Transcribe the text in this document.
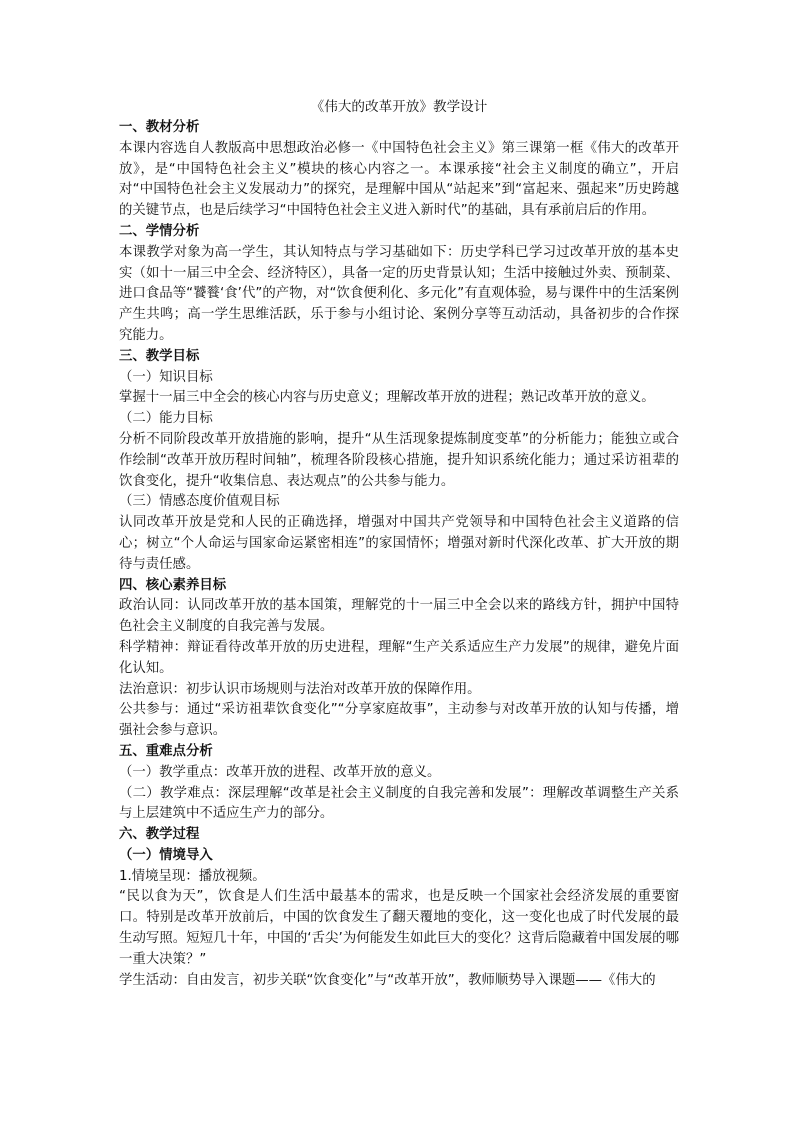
《伟大的改革开放》教学设计
一、教材分析

本课内容选自人教版高中思想政治必修一《中国特色社会主义》第三课第一框《伟大的改革开放》，是“中国特色社会主义”模块的核心内容之一。本课承接“社会主义制度的确立”，开启对“中国特色社会主义发展动力”的探究，是理解中国从“站起来”到“富起来、强起来”历史跨越的关键节点，也是后续学习“中国特色社会主义进入新时代”的基础，具有承前启后的作用。

二、学情分析

本课教学对象为高一学生，其认知特点与学习基础如下：历史学科已学习过改革开放的基本史实（如十一届三中全会、经济特区），具备一定的历史背景认知；生活中接触过外卖、预制菜、进口食品等“饕餮‘食’代”的产物，对“饮食便利化、多元化”有直观体验，易与课件中的生活案例产生共鸣；高一学生思维活跃，乐于参与小组讨论、案例分享等互动活动，具备初步的合作探究能力。

三、教学目标
（一）知识目标

掌握十一届三中全会的核心内容与历史意义；理解改革开放的进程；熟记改革开放的意义。

（二）能力目标

分析不同阶段改革开放措施的影响，提升“从生活现象提炼制度变革”的分析能力；能独立或合作绘制“改革开放历程时间轴”，梳理各阶段核心措施，提升知识系统化能力；通过采访祖辈的饮食变化，提升“收集信息、表达观点”的公共参与能力。

（三）情感态度价值观目标

认同改革开放是党和人民的正确选择，增强对中国共产党领导和中国特色社会主义道路的信心；树立“个人命运与国家命运紧密相连”的家国情怀；增强对新时代深化改革、扩大开放的期待与责任感。

四、核心素养目标

政治认同：认同改革开放的基本国策，理解党的十一届三中全会以来的路线方针，拥护中国特色社会主义制度的自我完善与发展。

科学精神：辩证看待改革开放的历史进程，理解“生产关系适应生产力发展”的规律，避免片面化认知。

法治意识：初步认识市场规则与法治对改革开放的保障作用。

公共参与：通过“采访祖辈饮食变化”“分享家庭故事”，主动参与对改革开放的认知与传播，增强社会参与意识。

五、重难点分析

（一）教学重点：改革开放的进程、改革开放的意义。

（二）教学难点：深层理解“改革是社会主义制度的自我完善和发展”：理解改革调整生产关系与上层建筑中不适应生产力的部分。

六、教学过程
（一）情境导入

1.情境呈现：播放视频。

“民以食为天”，饮食是人们生活中最基本的需求，也是反映一个国家社会经济发展的重要窗口。特别是改革开放前后，中国的饮食发生了翻天覆地的变化，这一变化也成了时代发展的最生动写照。短短几十年，中国的‘舌尖’为何能发生如此巨大的变化？这背后隐藏着中国发展的哪一重大决策？”

学生活动：自由发言，初步关联“饮食变化”与“改革开放”，教师顺势导入课题——《伟大的
